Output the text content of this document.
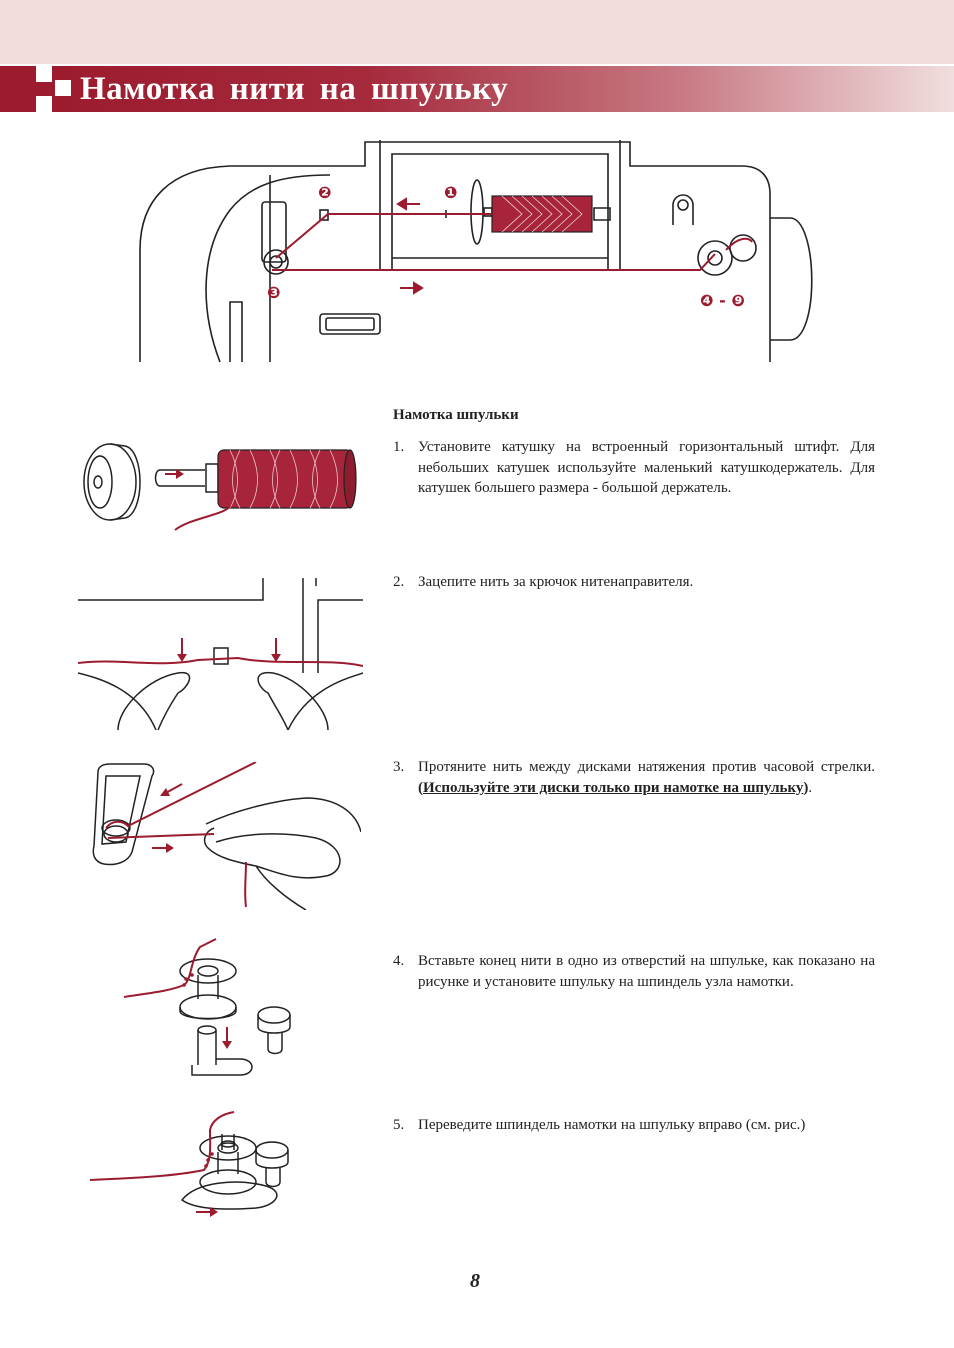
Намотка нити на шпульку
❶
❷
❸	❹ - ❾
Намотка шпульки
1. Установите катушку на встроенный горизонтальный штифт. Для небольших катушек используйте маленький катушкодержатель. Для катушек большего размера - большой держатель.
2. Зацепите нить за крючок нитенаправителя.
3. Протяните нить между дисками натяжения против часовой стрелки. (Используйте эти диски только при намотке на шпульку).
4. Вставьте конец нити в одно из отверстий на шпульке, как показано на рисунке и установите шпульку на шпиндель узла намотки.
5. Переведите шпиндель намотки на шпульку вправо (см. рис.)
8
